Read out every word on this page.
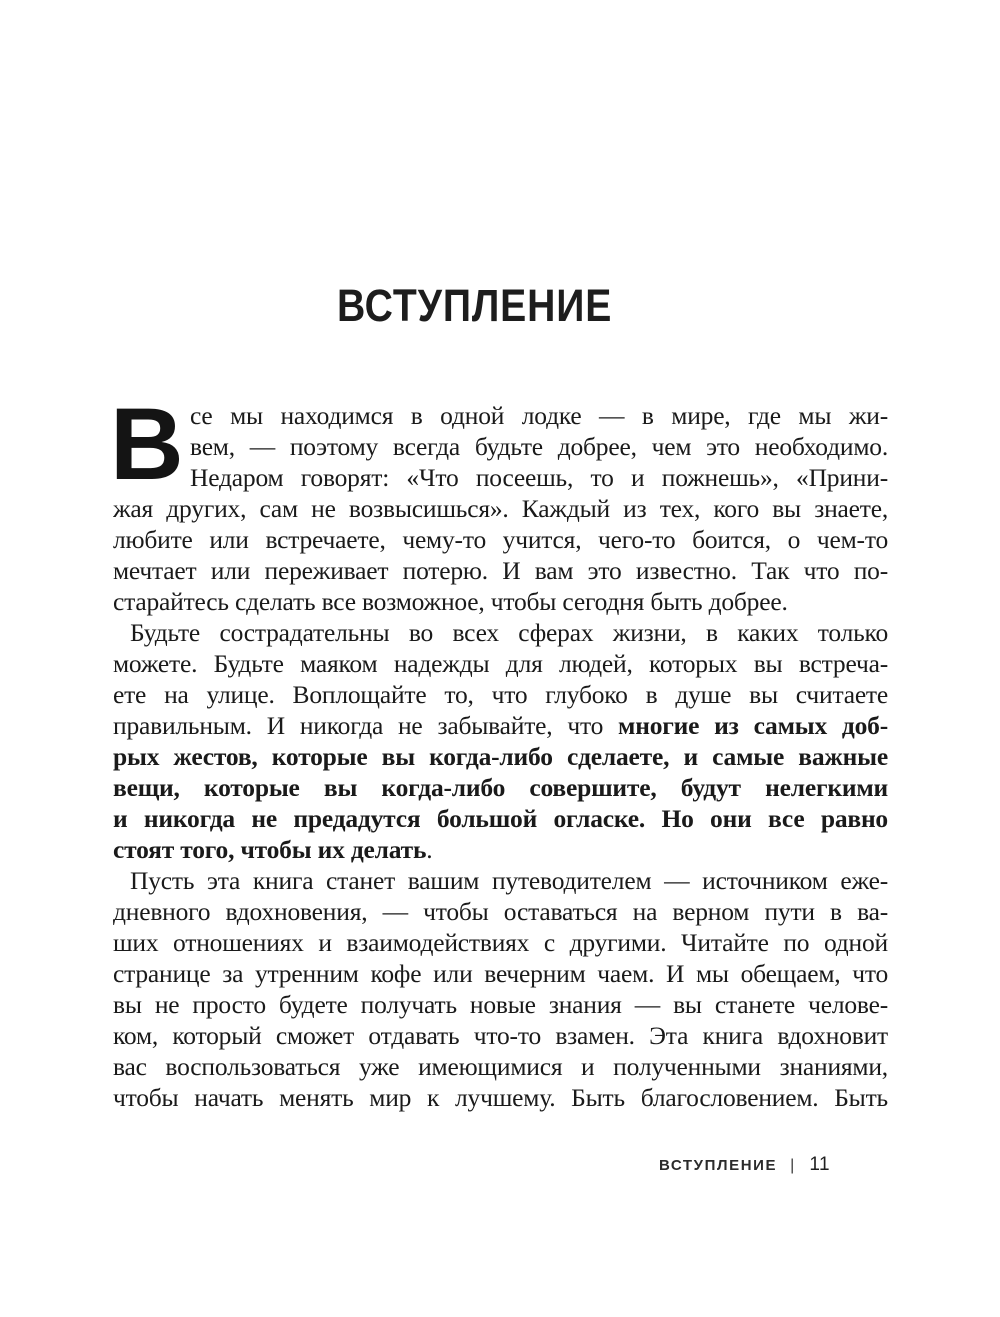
ВСТУПЛЕНИЕ
В се мы находимся в одной лодке — в мире, где мы жи-
вем, — поэтому всегда будьте добрее, чем это необходимо.
Недаром говорят: «Что посеешь, то и пожнешь», «Прини-
жая других, сам не возвысишься». Каждый из тех, кого вы знаете,
любите или встречаете, чему-то учится, чего-то боится, о чем-то
мечтает или переживает потерю. И вам это известно. Так что по-
старайтесь сделать все возможное, чтобы сегодня быть добрее.
Будьте сострадательны во всех сферах жизни, в каких только
можете. Будьте маяком надежды для людей, которых вы встреча-
ете на улице. Воплощайте то, что глубоко в душе вы считаете
правильным. И никогда не забывайте, что многие из самых доб-
рых жестов, которые вы когда-либо сделаете, и самые важные
вещи, которые вы когда-либо совершите, будут нелегкими
и никогда не предадутся большой огласке. Но они все равно
стоят того, чтобы их делать.
Пусть эта книга станет вашим путеводителем — источником еже-
дневного вдохновения, — чтобы оставаться на верном пути в ва-
ших отношениях и взаимодействиях с другими. Читайте по одной
странице за утренним кофе или вечерним чаем. И мы обещаем, что
вы не просто будете получать новые знания — вы станете челове-
ком, который сможет отдавать что-то взамен. Эта книга вдохновит
вас воспользоваться уже имеющимися и полученными знаниями,
чтобы начать менять мир к лучшему. Быть благословением. Быть
ВСТУПЛЕНИЕ | 11
